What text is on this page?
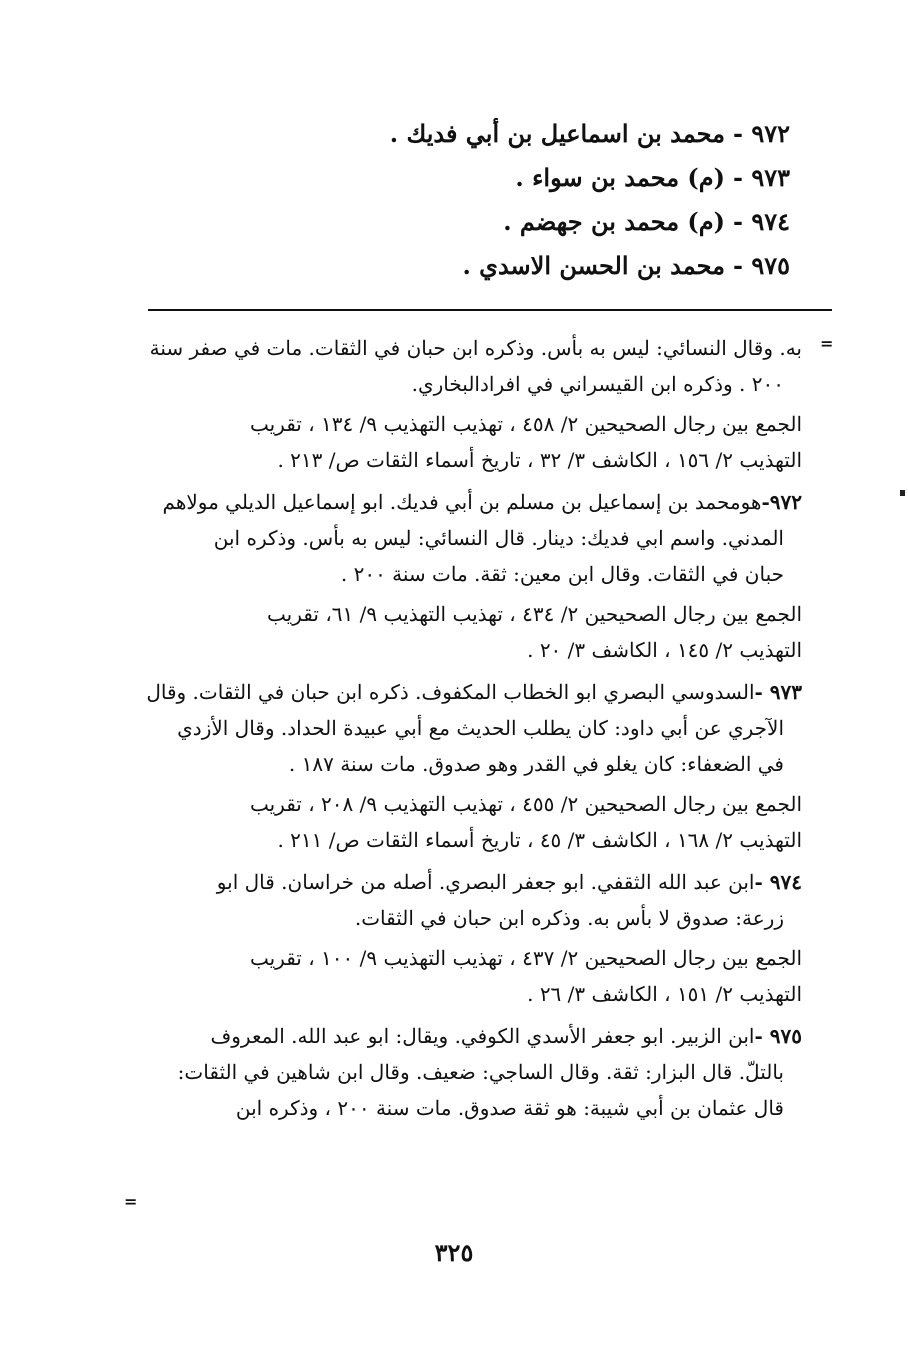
٩٧٢ -محمد بن اسماعيل بن أبي فديك .
٩٧٣ -(م) محمد بن سواء .
٩٧٤ -(م) محمد بن جهضم .
٩٧٥ -محمد بن الحسن الاسدي .
=
به. وقال النسائي: ليس به بأس. وذكره ابن حبان في الثقات. مات في صفر سنة
٢٠٠ . وذكره ابن القيسراني في افرادالبخاري.
الجمع بين رجال الصحيحين ٢/ ٤٥٨ ، تهذيب التهذيب ٩/ ١٣٤ ، تقريب
التهذيب ٢/ ١٥٦ ، الكاشف ٣/ ٣٢ ، تاريخ أسماء الثقات ص/ ٢١٣ .
٩٧٢-هومحمد بن إسماعيل بن مسلم بن أبي فديك. ابو إسماعيل الديلي مولاهم
المدني. واسم ابي فديك: دينار. قال النسائي: ليس به بأس. وذكره ابن
حبان في الثقات. وقال ابن معين: ثقة. مات سنة ٢٠٠ .
الجمع بين رجال الصحيحين ٢/ ٤٣٤ ، تهذيب التهذيب ٩/ ٦١، تقريب
التهذيب ٢/ ١٤٥ ، الكاشف ٣/ ٢٠ .
٩٧٣ -السدوسي البصري ابو الخطاب المكفوف. ذكره ابن حبان في الثقات. وقال
الآجري عن أبي داود: كان يطلب الحديث مع أبي عبيدة الحداد. وقال الأزدي
في الضعفاء: كان يغلو في القدر وهو صدوق. مات سنة ١٨٧ .
الجمع بين رجال الصحيحين ٢/ ٤٥٥ ، تهذيب التهذيب ٩/ ٢٠٨ ، تقريب
التهذيب ٢/ ١٦٨ ، الكاشف ٣/ ٤٥ ، تاريخ أسماء الثقات ص/ ٢١١ .
٩٧٤ -ابن عبد الله الثقفي. ابو جعفر البصري. أصله من خراسان. قال ابو
زرعة: صدوق لا بأس به. وذكره ابن حبان في الثقات.
الجمع بين رجال الصحيحين ٢/ ٤٣٧ ، تهذيب التهذيب ٩/ ١٠٠ ، تقريب
التهذيب ٢/ ١٥١ ، الكاشف ٣/ ٢٦ .
٩٧٥ -ابن الزبير. ابو جعفر الأسدي الكوفي. ويقال: ابو عبد الله. المعروف
بالتلّ. قال البزار: ثقة. وقال الساجي: ضعيف. وقال ابن شاهين في الثقات:
قال عثمان بن أبي شيبة: هو ثقة صدوق. مات سنة ٢٠٠ ، وذكره ابن
=
٣٢٥
